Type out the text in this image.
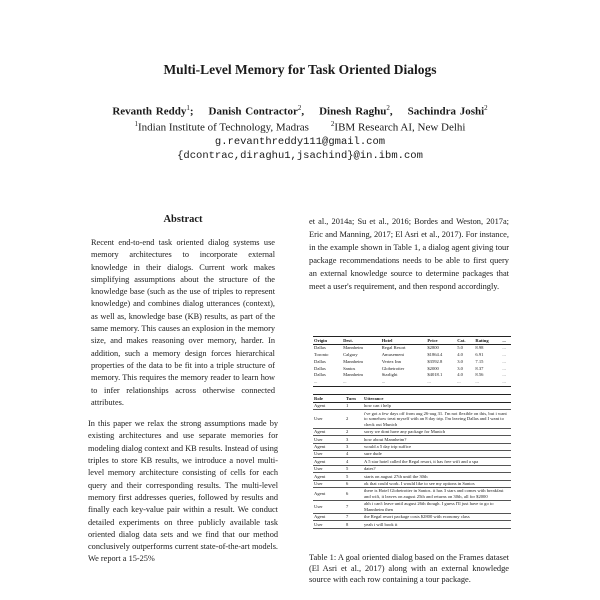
Multi-Level Memory for Task Oriented Dialogs
Revanth Reddy$^1$;    Danish Contractor$^2$,    Dinesh Raghu$^2$,    Sachindra Joshi$^2$
$^1$Indian Institute of Technology, Madras	$^2$IBM Research AI, New Delhi
g.revanthreddy111@gmail.com
{dcontrac,diraghu1,jsachind}@in.ibm.com
Abstract
Recent end-to-end task oriented dialog systems use memory architectures to incorporate external knowledge in their dialogs. Current work makes simplifying assumptions about the structure of the knowledge base (such as the use of triples to represent knowledge) and combines dialog utterances (context), as well as, knowledge base (KB) results, as part of the same memory. This causes an explosion in the memory size, and makes reasoning over memory, harder. In addition, such a memory design forces hierarchical properties of the data to be fit into a triple structure of memory. This requires the memory reader to learn how to infer relationships across otherwise connected attributes.
In this paper we relax the strong assumptions made by existing architectures and use separate memories for modeling dialog context and KB results. Instead of using triples to store KB results, we introduce a novel multi-level memory architecture consisting of cells for each query and their corresponding results. The multi-level memory first addresses queries, followed by results and finally each key-value pair within a result. We conduct detailed experiments on three publicly available task oriented dialog data sets and we find that our method conclusively outperforms current state-of-the-art models. We report a 15-25%
et al., 2014a; Su et al., 2016; Bordes and Weston, 2017a; Eric and Manning, 2017; El Asri et al., 2017). For instance, in the example shown in Table 1, a dialog agent giving tour package recommendations needs to be able to first query an external knowledge source to determine packages that meet a user's requirement, and then respond accordingly.
Origin	Dest.	Hotel	Price	Cat.	Rating	...
Dallas	Mannheim	Regal Resort	$2800	5.0	8.98	...
Toronto	Calgary	Amusement	$1864.4	4.0	6.91	...
Dallas	Mannheim	Vertex Inn	$3592.8	3.0	7.15	...
Dallas	Santos	Globetrotter	$2000	3.0	8.37	...
Dallas	Mannheim	Starlight	$4018.1	4.0	8.56	...
...	...	...	...	...	...	...
Role	Turn	Utterance
Agent	1	how can i help
User	2	i've got a few days off from aug 26-aug 31. I'm not flexible on this, but i want to somehow treat myself with an 8 day trip. I'm leaving Dallas and I want to check out Munich
Agent	2	sorry we dont have any package for Munich
User	3	how about Mannheim?
Agent	3	would a 5 day trip suffice
User	4	sure dude
Agent	4	A 5 star hotel called the Regal resort, it has free wifi and a spa
User	5	dates?
Agent	5	starts on august 27th until the 30th
User	6	ok that could work. I would like to see my options in Santos
Agent	6	there is Hotel Globetrotter in Santos. it has 3 stars and comes with breakfast and wifi, it leaves on august 25th and returns on 30th, all for $2000
User	7	ahh i can't leave until august 26th though. I guess I'll just have to go to Mannheim then
Agent	7	the Regal resort package costs $2800 with economy class
User	8	yeah i will book it
Table 1: A goal oriented dialog based on the Frames dataset (El Asri et al., 2017) along with an external knowledge source with each row containing a tour package.
